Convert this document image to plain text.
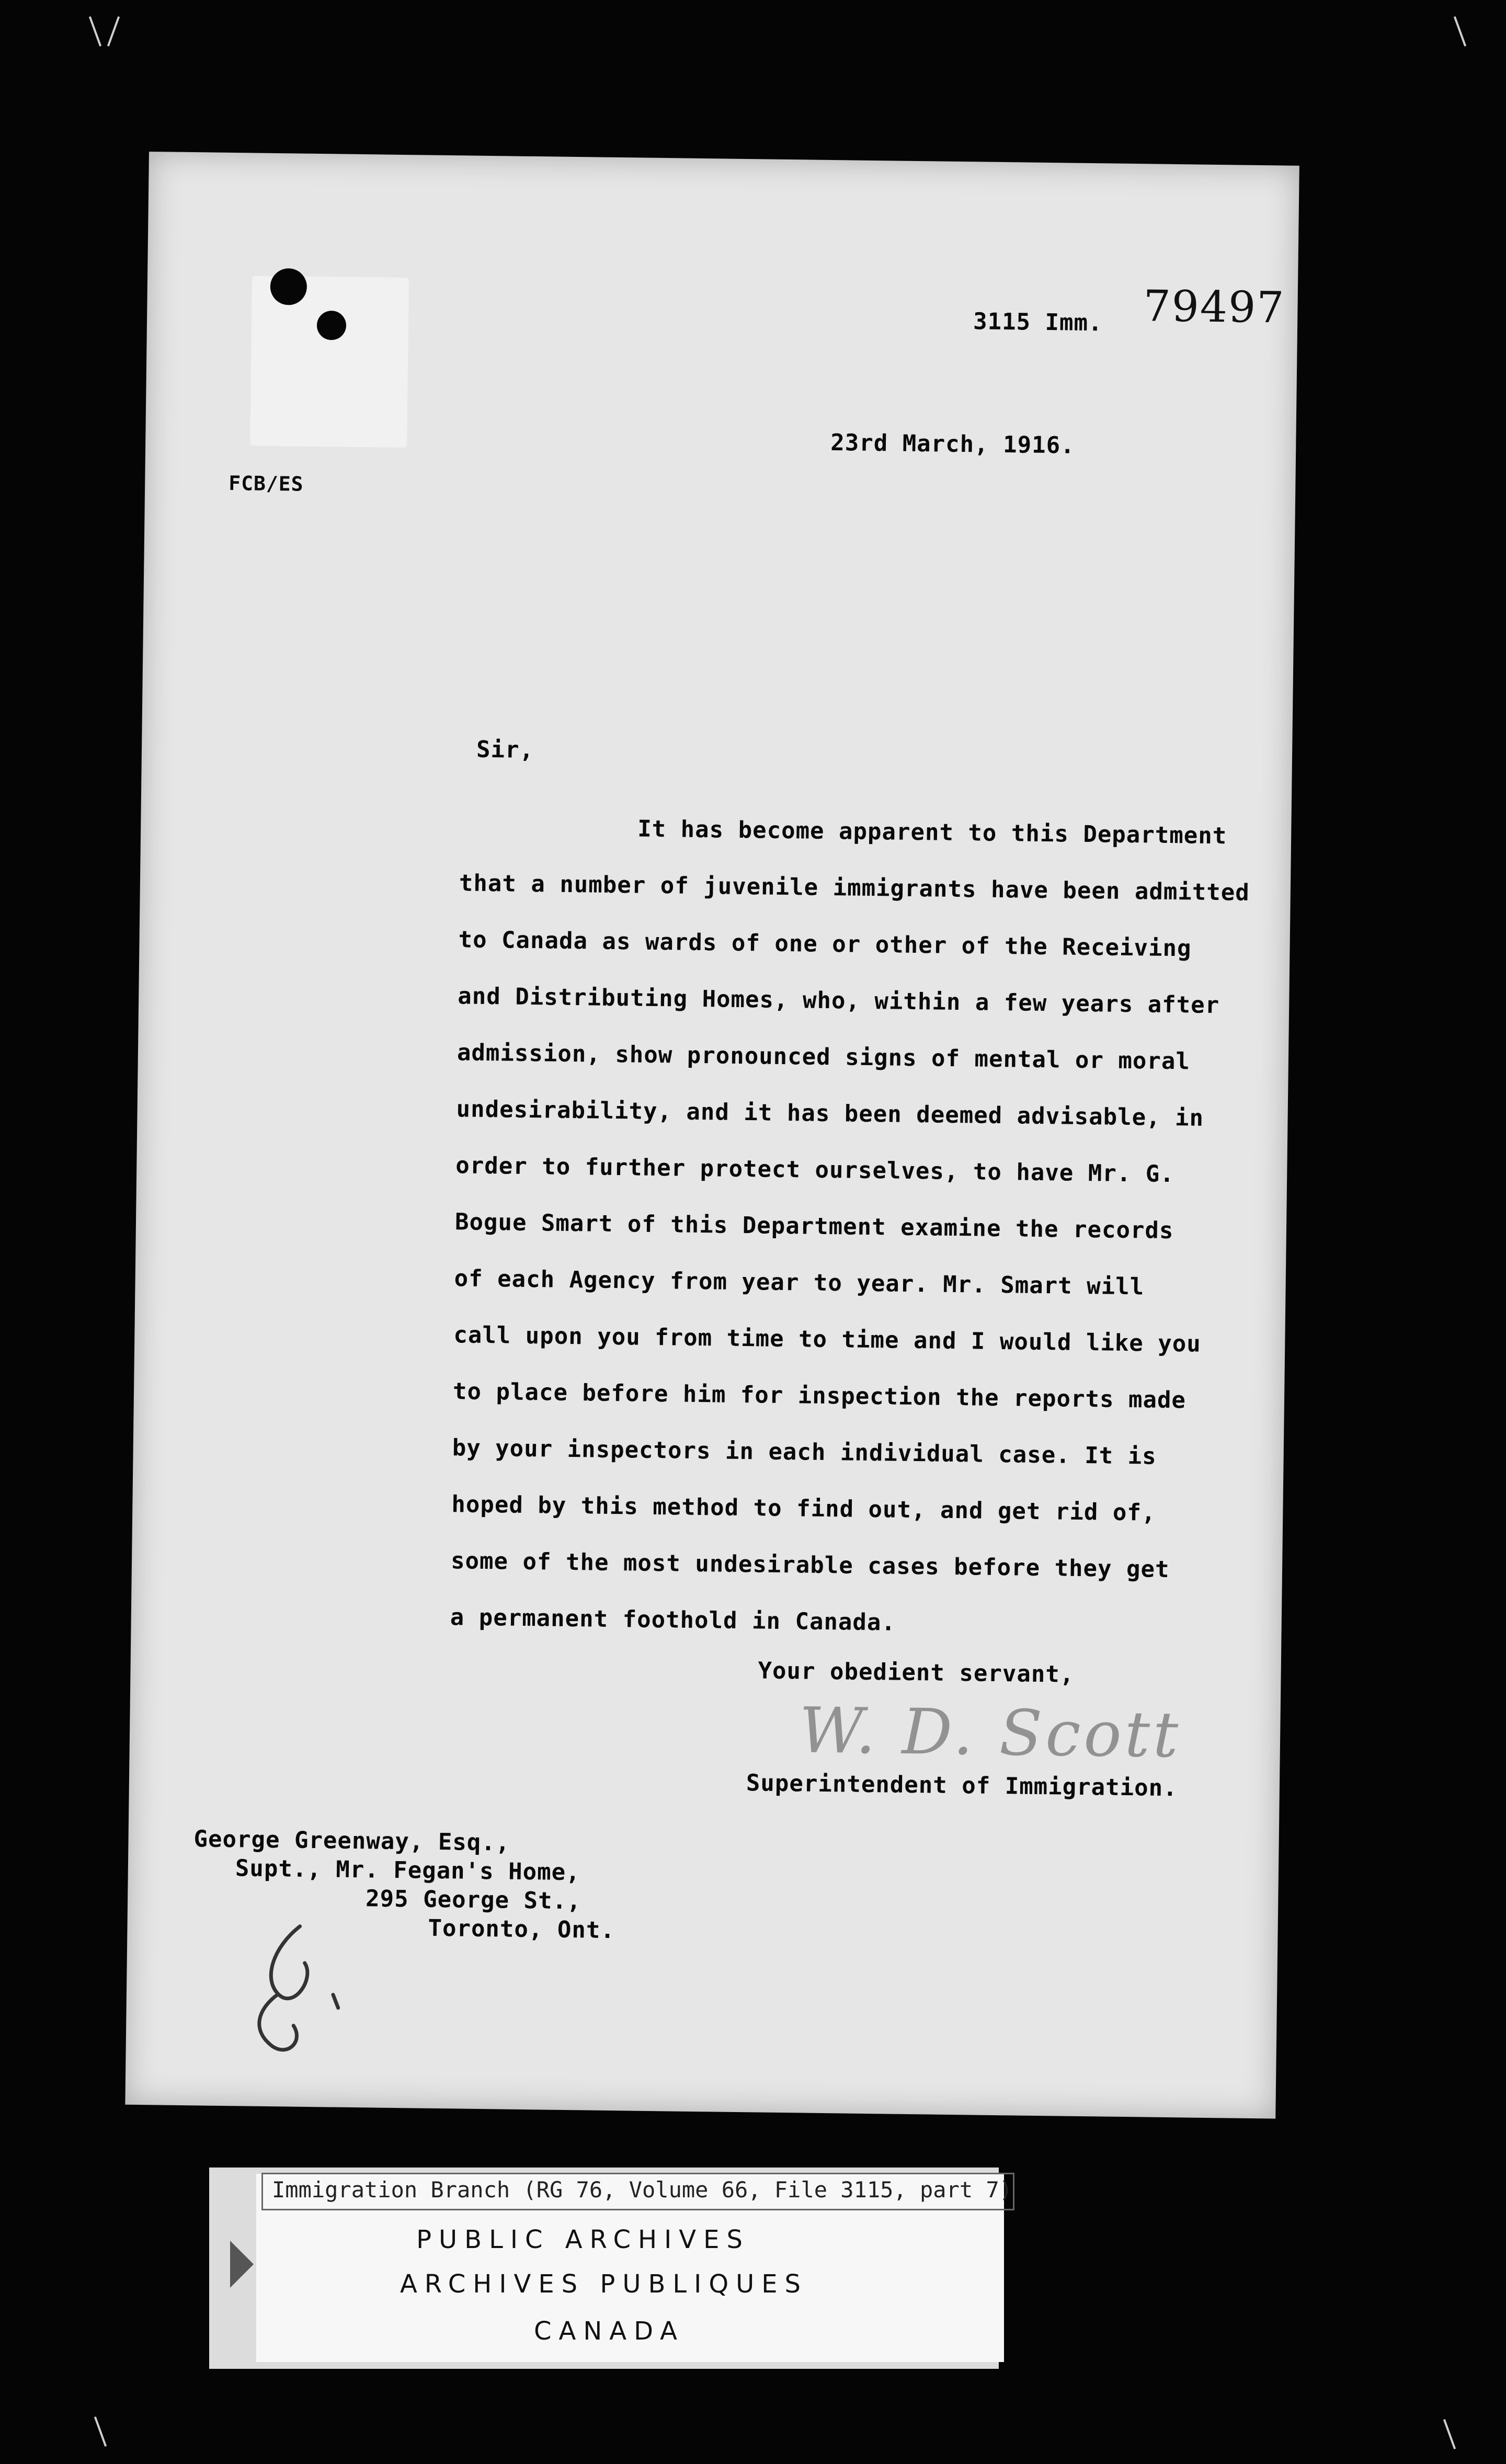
3115 Imm. 79497
23rd March, 1916.
FCB/ES
Sir,
It has become apparent to this Department
that a number of juvenile immigrants have been admitted
to Canada as wards of one or other of the Receiving
and Distributing Homes, who, within a few years after
admission, show pronounced signs of mental or moral
undesirability, and it has been deemed advisable, in
order to further protect ourselves, to have Mr. G.
Bogue Smart of this Department examine the records
of each Agency from year to year. Mr. Smart will
call upon you from time to time and I would like you
to place before him for inspection the reports made
by your inspectors in each individual case. It is
hoped by this method to find out, and get rid of,
some of the most undesirable cases before they get
a permanent foothold in Canada.
Your obedient servant,
W. D. Scott
Superintendent of Immigration.
George Greenway, Esq.,
Supt., Mr. Fegan's Home,
295 George St.,
Toronto, Ont.
Immigration Branch (RG 76, Volume 66, File 3115, part 7)
PUBLIC ARCHIVES
ARCHIVES PUBLIQUES
CANADA
